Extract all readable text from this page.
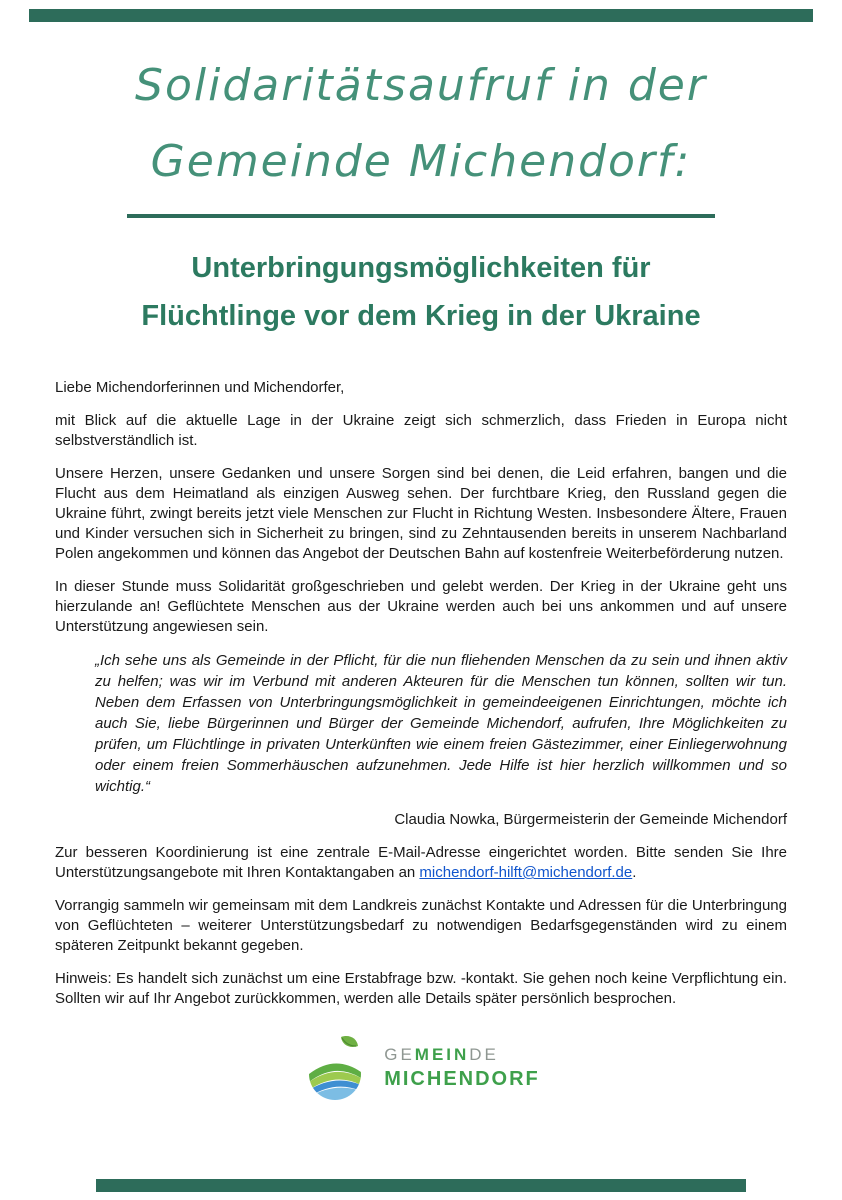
Solidaritätsaufruf in der
Gemeinde Michendorf:
Unterbringungsmöglichkeiten für
Flüchtlinge vor dem Krieg in der Ukraine

Liebe Michendorferinnen und Michendorfer,

mit Blick auf die aktuelle Lage in der Ukraine zeigt sich schmerzlich, dass Frieden in Europa nicht selbstverständlich ist.

Unsere Herzen, unsere Gedanken und unsere Sorgen sind bei denen, die Leid erfahren, bangen und die Flucht aus dem Heimatland als einzigen Ausweg sehen. Der furchtbare Krieg, den Russland gegen die Ukraine führt, zwingt bereits jetzt viele Menschen zur Flucht in Richtung Westen. Insbesondere Ältere, Frauen und Kinder versuchen sich in Sicherheit zu bringen, sind zu Zehntausenden bereits in unserem Nachbarland Polen angekommen und können das Angebot der Deutschen Bahn auf kostenfreie Weiterbeförderung nutzen.

In dieser Stunde muss Solidarität großgeschrieben und gelebt werden. Der Krieg in der Ukraine geht uns hierzulande an! Geflüchtete Menschen aus der Ukraine werden auch bei uns ankommen und auf unsere Unterstützung angewiesen sein.

„Ich sehe uns als Gemeinde in der Pflicht, für die nun fliehenden Menschen da zu sein und ihnen aktiv zu helfen; was wir im Verbund mit anderen Akteuren für die Menschen tun können, sollten wir tun. Neben dem Erfassen von Unterbringungsmöglichkeit in gemeindeeigenen Einrichtungen, möchte ich auch Sie, liebe Bürgerinnen und Bürger der Gemeinde Michendorf, aufrufen, Ihre Möglichkeiten zu prüfen, um Flüchtlinge in privaten Unterkünften wie einem freien Gästezimmer, einer Einliegerwohnung oder einem freien Sommerhäuschen aufzunehmen. Jede Hilfe ist hier herzlich willkommen und so wichtig.“

Claudia Nowka, Bürgermeisterin der Gemeinde Michendorf

Zur besseren Koordinierung ist eine zentrale E-Mail-Adresse eingerichtet worden. Bitte senden Sie Ihre Unterstützungsangebote mit Ihren Kontaktangaben an michendorf-hilft@michendorf.de.

Vorrangig sammeln wir gemeinsam mit dem Landkreis zunächst Kontakte und Adressen für die Unterbringung von Geflüchteten – weiterer Unterstützungsbedarf zu notwendigen Bedarfsgegenständen wird zu einem späteren Zeitpunkt bekannt gegeben.

Hinweis: Es handelt sich zunächst um eine Erstabfrage bzw. -kontakt. Sie gehen noch keine Verpflichtung ein. Sollten wir auf Ihr Angebot zurückkommen, werden alle Details später persönlich besprochen.

GEMEINDE
MICHENDORF
